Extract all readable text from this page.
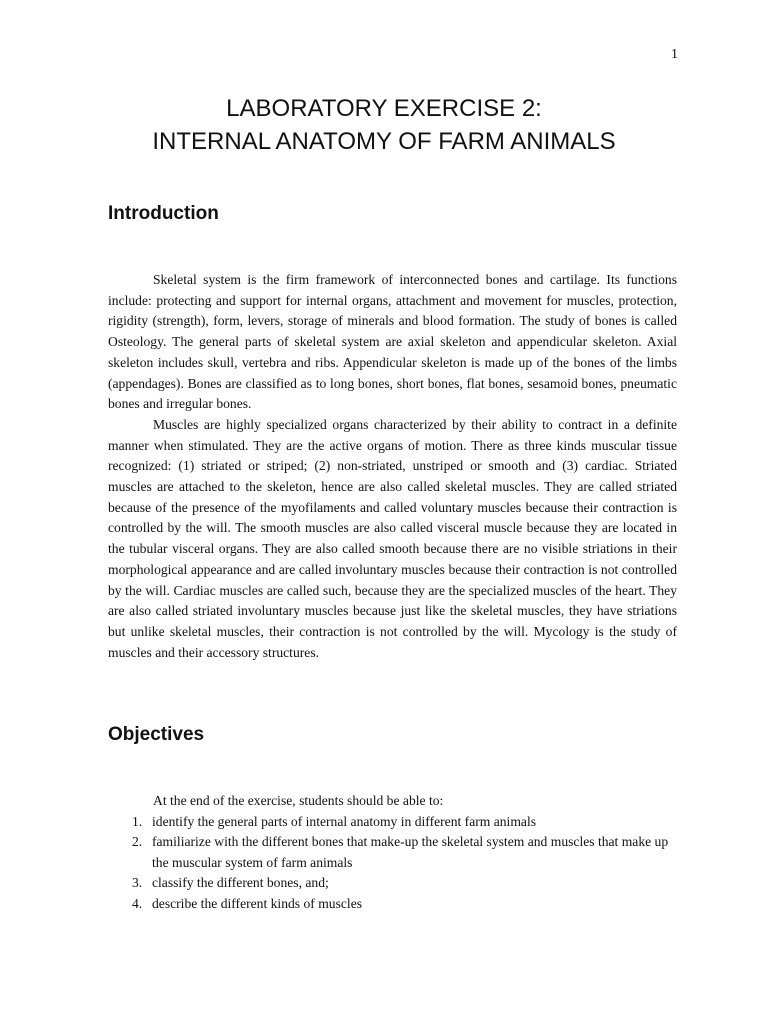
1
LABORATORY EXERCISE 2:
INTERNAL ANATOMY OF FARM ANIMALS
Introduction

Skeletal system is the firm framework of interconnected bones and cartilage. Its functions include: protecting and support for internal organs, attachment and movement for muscles, protection, rigidity (strength), form, levers, storage of minerals and blood formation. The study of bones is called Osteology. The general parts of skeletal system are axial skeleton and appendicular skeleton. Axial skeleton includes skull, vertebra and ribs. Appendicular skeleton is made up of the bones of the limbs (appendages). Bones are classified as to long bones, short bones, flat bones, sesamoid bones, pneumatic bones and irregular bones.

Muscles are highly specialized organs characterized by their ability to contract in a definite manner when stimulated. They are the active organs of motion. There as three kinds muscular tissue recognized: (1) striated or striped; (2) non-striated, unstriped or smooth and (3) cardiac. Striated muscles are attached to the skeleton, hence are also called skeletal muscles. They are called striated because of the presence of the myofilaments and called voluntary muscles because their contraction is controlled by the will. The smooth muscles are also called visceral muscle because they are located in the tubular visceral organs. They are also called smooth because there are no visible striations in their morphological appearance and are called involuntary muscles because their contraction is not controlled by the will. Cardiac muscles are called such, because they are the specialized muscles of the heart. They are also called striated involuntary muscles because just like the skeletal muscles, they have striations but unlike skeletal muscles, their contraction is not controlled by the will. Mycology is the study of muscles and their accessory structures.

Objectives

At the end of the exercise, students should be able to:

1. identify the general parts of internal anatomy in different farm animals
2. familiarize with the different bones that make-up the skeletal system and muscles that make up the muscular system of farm animals
3. classify the different bones, and;
4. describe the different kinds of muscles
